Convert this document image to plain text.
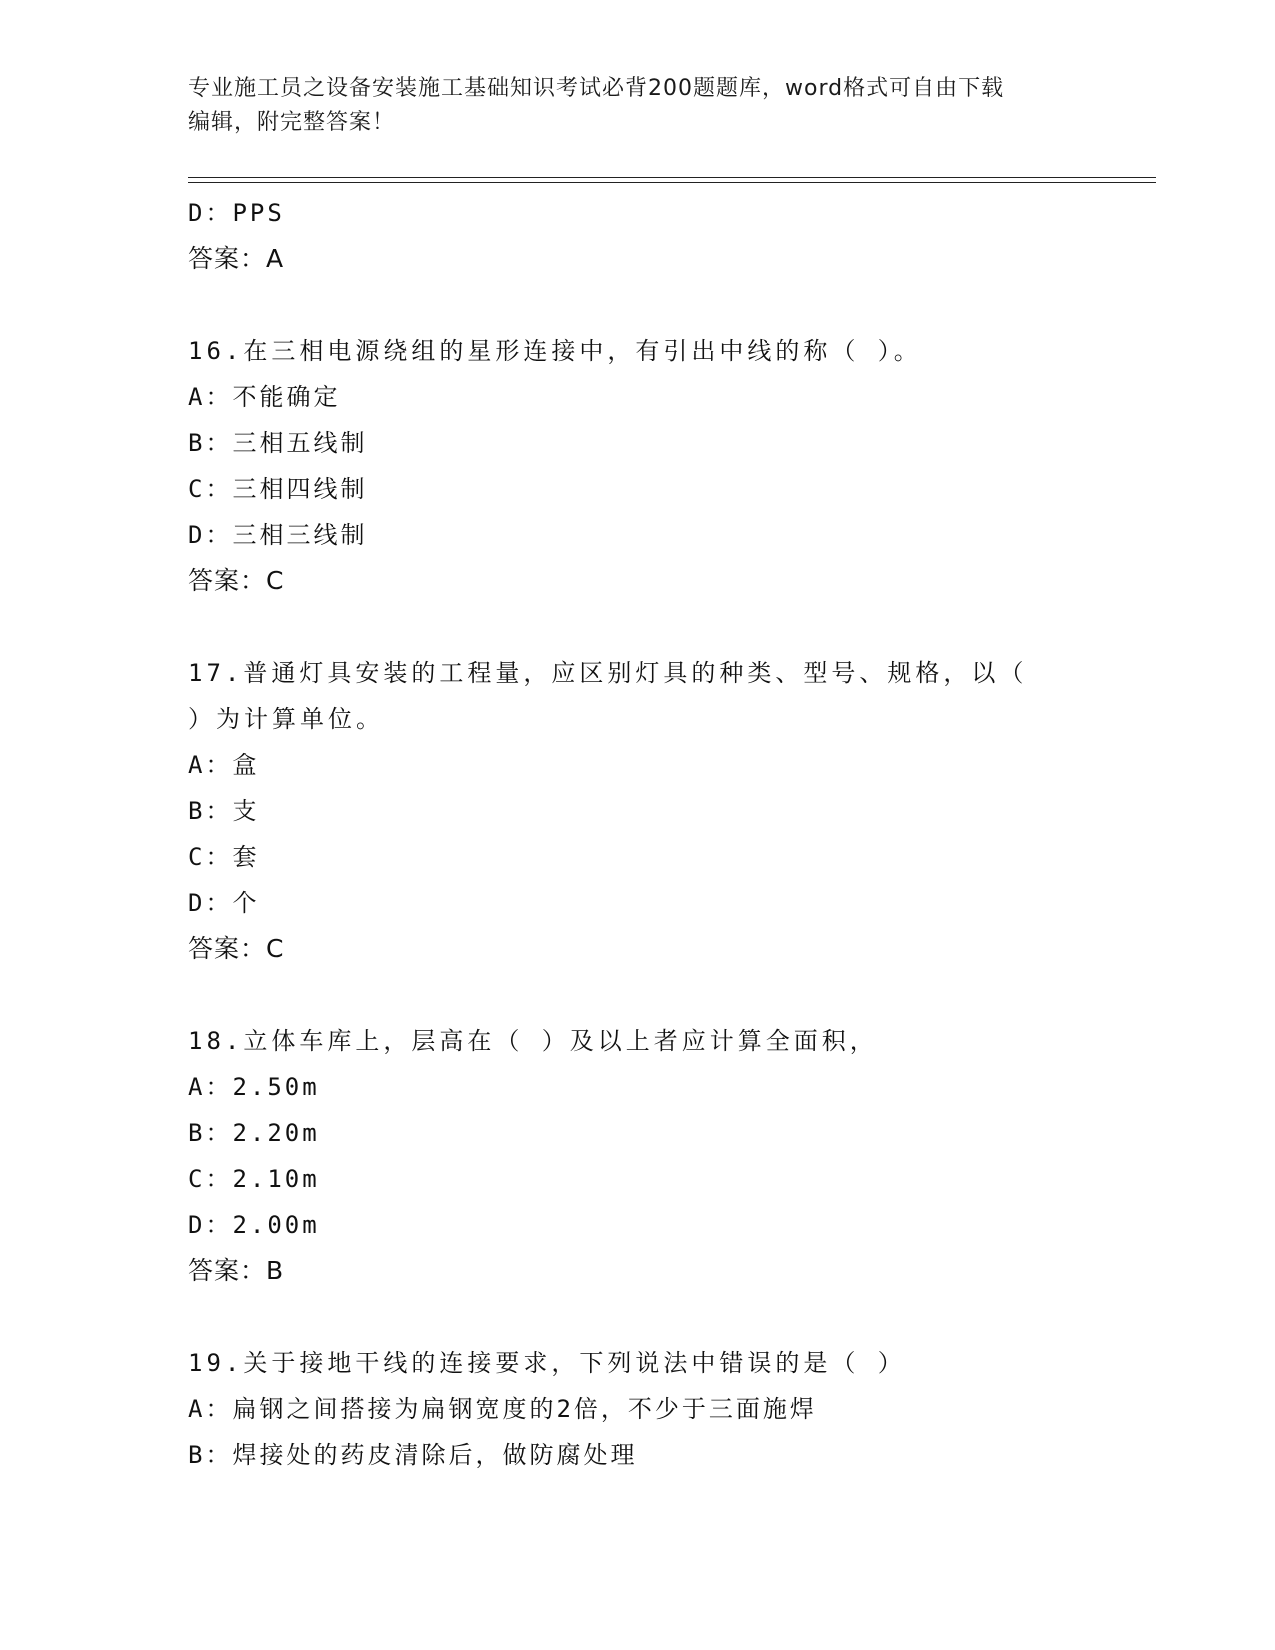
专业施工员之设备安装施工基础知识考试必背200题题库，word格式可自由下载
编辑，附完整答案！
D：PPS
答案：A
16.在三相电源绕组的星形连接中，有引出中线的称（ ）。
A：不能确定
B：三相五线制
C：三相四线制
D：三相三线制
答案：C
17.普通灯具安装的工程量，应区别灯具的种类、型号、规格，以（
）为计算单位。
A：盒
B：支
C：套
D：个
答案：C
18.立体车库上，层高在（ ）及以上者应计算全面积，
A：2.50m
B：2.20m
C：2.10m
D：2.00m
答案：B
19.关于接地干线的连接要求，下列说法中错误的是（ ）
A：扁钢之间搭接为扁钢宽度的2倍，不少于三面施焊
B：焊接处的药皮清除后，做防腐处理
